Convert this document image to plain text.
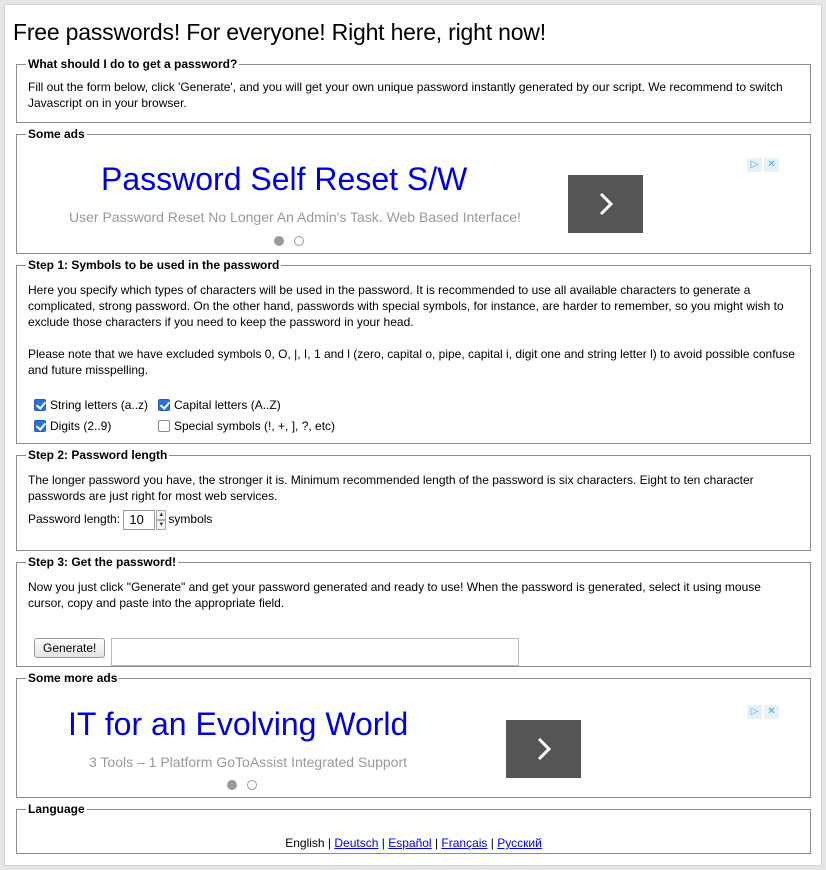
Free passwords! For everyone! Right here, right now!
What should I do to get a password?

Fill out the form below, click 'Generate', and you will get your own unique password instantly generated by our script. We recommend to switch Javascript on in your browser.

Some ads
Password Self Reset S/W
User Password Reset No Longer An Admin's Task. Web Based Interface!
▷ ✕
Step 1: Symbols to be used in the password

Here you specify which types of characters will be used in the password. It is recommended to use all available characters to generate a complicated, strong password. On the other hand, passwords with special symbols, for instance, are harder to remember, so you might wish to exclude those characters if you need to keep the password in your head.

Please note that we have excluded symbols 0, O, |, I, 1 and l (zero, capital o, pipe, capital i, digit one and string letter l) to avoid possible confuse and future misspelling.

String letters (a..z) Capital letters (A..Z)
Digits (2..9)	Special symbols (!, +, ], ?, etc)
Step 2: Password length

The longer password you have, the stronger it is. Minimum recommended length of the password is six characters. Eight to ten character passwords are just right for most web services.

Password length: 10	▲
▼ symbols
Step 3: Get the password!

Now you just click "Generate" and get your password generated and ready to use! When the password is generated, select it using mouse cursor, copy and paste into the appropriate field.

Generate!
Some more ads
IT for an Evolving World
3 Tools – 1 Platform GoToAssist Integrated Support
▷ ✕
Language
English | Deutsch | Español | Français | Русский
